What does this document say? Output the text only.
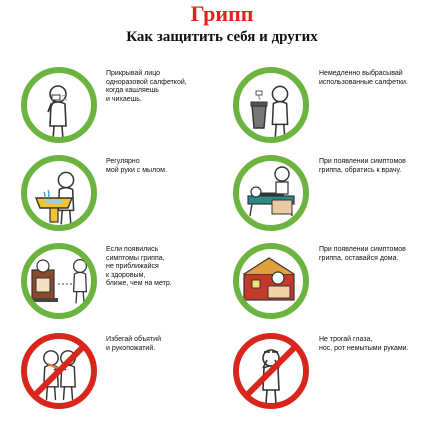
Грипп
Как защитить себя и других
Прикрывай лицо
одноразовой салфеткой,
когда кашляешь
и чихаешь.
Немедленно выбрасывай
использованные салфетки.
Регулярно
мой руки с мылом.
При появлении симптомов
гриппа, обратись к врачу.
Если появились
симптомы гриппа,
не приближайся
к здоровым,
ближе, чем на метр.
При появлении симптомов
гриппа, оставайся дома.
Избегай объятий
и рукопожатий.
Не трогай глаза,
нос, рот немытыми руками.
